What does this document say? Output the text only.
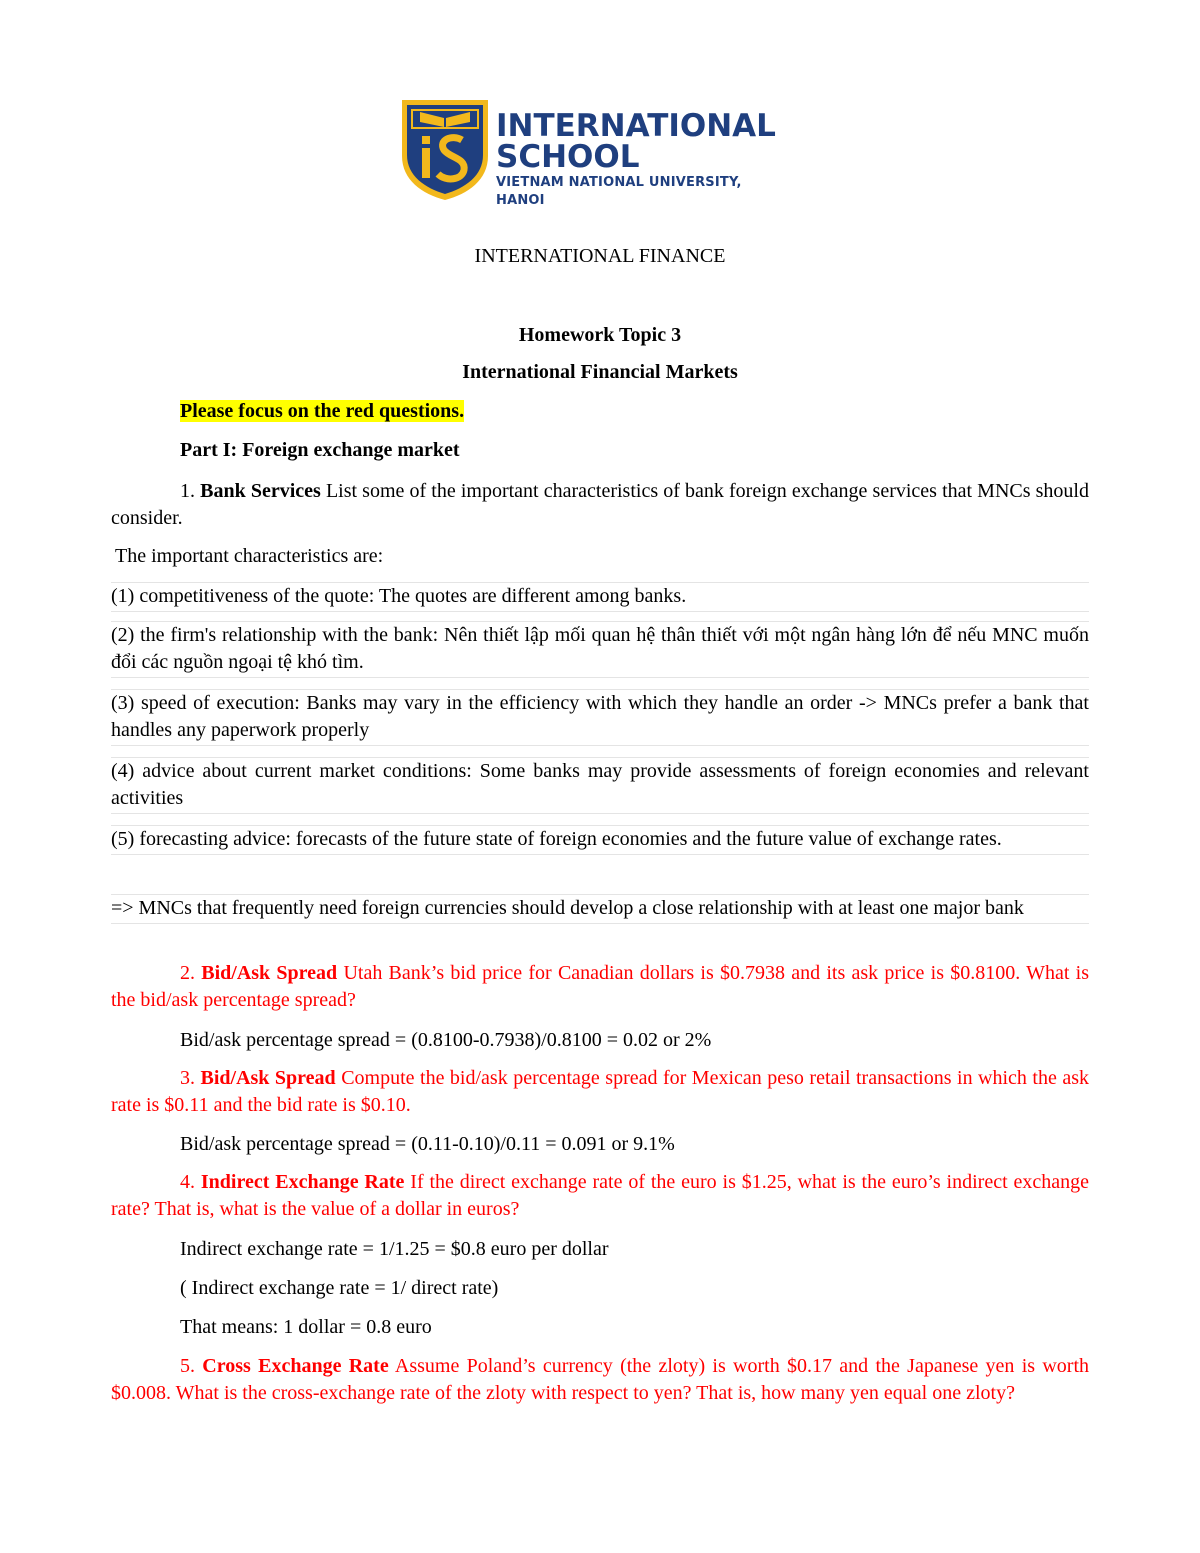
INTERNATIONAL
SCHOOL
VIETNAM NATIONAL UNIVERSITY, HANOI
INTERNATIONAL FINANCE
Homework Topic 3
International Financial Markets
Please focus on the red questions.
Part I: Foreign exchange market
1. Bank Services List some of the important characteristics of bank foreign exchange services that MNCs should consider.
The important characteristics are:
(1) competitiveness of the quote: The quotes are different among banks.
(2) the firm's relationship with the bank: Nên thiết lập mối quan hệ thân thiết với một ngân hàng lớn để nếu MNC muốn đổi các nguồn ngoại tệ khó tìm.
(3) speed of execution: Banks may vary in the efficiency with which they handle an order -> MNCs prefer a bank that handles any paperwork properly
(4) advice about current market conditions: Some banks may provide assessments of foreign economies and relevant activities
(5) forecasting advice: forecasts of the future state of foreign economies and the future value of exchange rates.
=> MNCs that frequently need foreign currencies should develop a close relationship with at least one major bank
2. Bid/Ask Spread Utah Bank’s bid price for Canadian dollars is $0.7938 and its ask price is $0.8100. What is the bid/ask percentage spread?
Bid/ask percentage spread = (0.8100-0.7938)/0.8100 = 0.02 or 2%
3. Bid/Ask Spread Compute the bid/ask percentage spread for Mexican peso retail transactions in which the ask rate is $0.11 and the bid rate is $0.10.
Bid/ask percentage spread = (0.11-0.10)/0.11 = 0.091 or 9.1%
4. Indirect Exchange Rate If the direct exchange rate of the euro is $1.25, what is the euro’s indirect exchange rate? That is, what is the value of a dollar in euros?
Indirect exchange rate = 1/1.25 = $0.8 euro per dollar
( Indirect exchange rate = 1/ direct rate)
That means: 1 dollar = 0.8 euro
5. Cross Exchange Rate Assume Poland’s currency (the zloty) is worth $0.17 and the Japanese yen is worth $0.008. What is the cross-exchange rate of the zloty with respect to yen? That is, how many yen equal one zloty?
